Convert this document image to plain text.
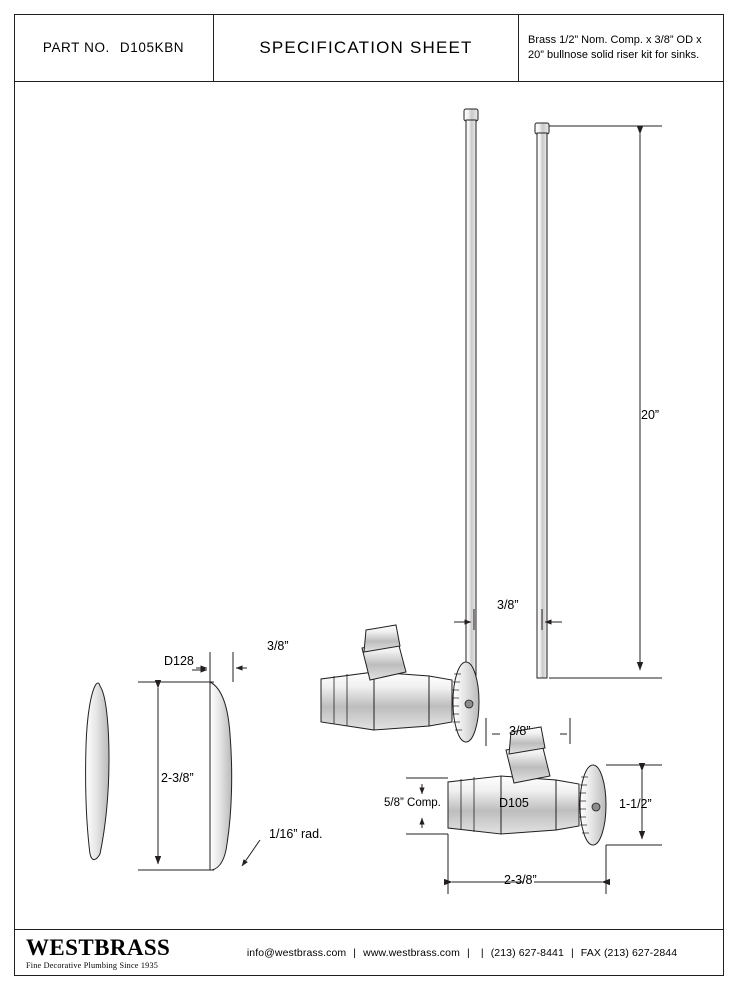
PART NO. D105KBN	SPECIFICATION SHEET	Brass 1/2” Nom. Comp. x 3/8” OD x 20” bullnose solid riser kit for sinks.
20”
3/8”
D128
3/8”
2-3/8”
1/16” rad.
3/8”
D105
5/8” Comp.	1-1/2”
2-3/8”
WESTBRASS
Fine Decorative Plumbing Since 1935
info@westbrass.com | www.westbrass.com | | (213) 627-8441 | FAX (213) 627-2844
